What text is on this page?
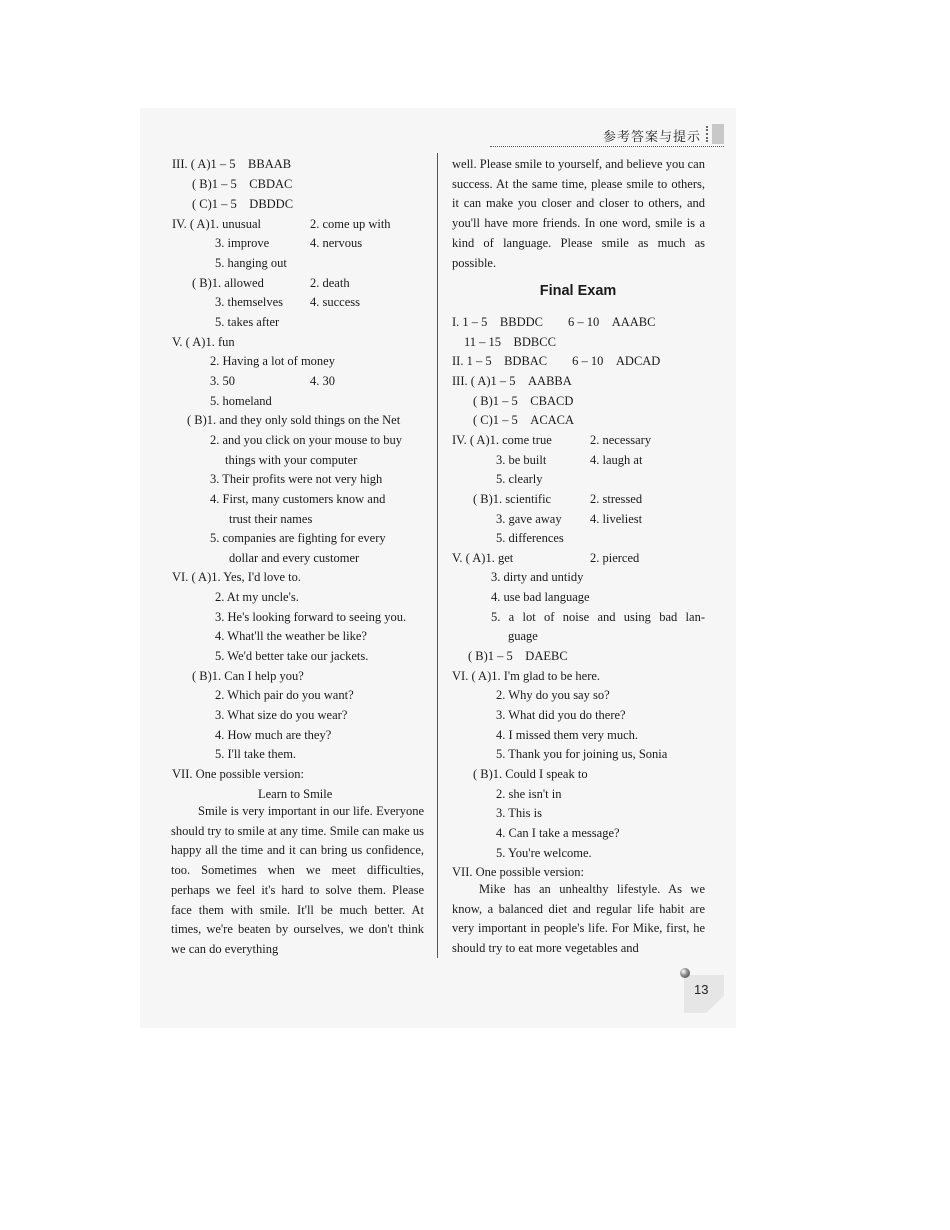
参考答案与提示
III. ( A)1 – 5　BBAAB
( B)1 – 5　CBDAC
( C)1 – 5　DBDDC
IV. ( A)1. unusual	2. come up with
3. improve	4. nervous
5. hanging out
( B)1. allowed	2. death
3. themselves 4. success
5. takes after
V. ( A)1. fun
2. Having a lot of money
3. 50	4. 30
5. homeland
( B)1. and they only sold things on the Net
2. and you click on your mouse to buy
things with your computer
3. Their profits were not very high
4. First, many customers know and
trust their names
5. companies are fighting for every
dollar and every customer
VI. ( A)1. Yes, I'd love to.
2. At my uncle's.
3. He's looking forward to seeing you.
4. What'll the weather be like?
5. We'd better take our jackets.
( B)1. Can I help you?
2. Which pair do you want?
3. What size do you wear?
4. How much are they?
5. I'll take them.
VII. One possible version:
Learn to Smile
Smile is very important in our life. Everyone should try to smile at any time. Smile can make us happy all the time and it can bring us confidence, too. Sometimes when we meet difficulties, perhaps we feel it's hard to solve them. Please face them with smile. It'll be much better. At times, we're beaten by ourselves, we don't think we can do everything
well. Please smile to yourself, and believe you can success. At the same time, please smile to others, it can make you closer and closer to others, and you'll have more friends. In one word, smile is a kind of language. Please smile as much as possible.
Final Exam
I. 1 – 5　BBDDC　　6 – 10　AAABC
11 – 15　BDBCC
II. 1 – 5　BDBAC　　6 – 10　ADCAD
III. ( A)1 – 5　AABBA
( B)1 – 5　CBACD
( C)1 – 5　ACACA
IV. ( A)1. come true	2. necessary
3. be built	4. laugh at
5. clearly
( B)1. scientific	2. stressed
3. gave away 4. liveliest
5. differences
V. ( A)1. get	2. pierced
3. dirty and untidy
4. use bad language
5. a lot of noise and using bad lan-
guage
( B)1 – 5　DAEBC
VI. ( A)1. I'm glad to be here.
2. Why do you say so?
3. What did you do there?
4. I missed them very much.
5. Thank you for joining us, Sonia
( B)1. Could I speak to
2. she isn't in
3. This is
4. Can I take a message?
5. You're welcome.
VII. One possible version:
Mike has an unhealthy lifestyle. As we know, a balanced diet and regular life habit are very important in people's life. For Mike, first, he should try to eat more vegetables and
13
